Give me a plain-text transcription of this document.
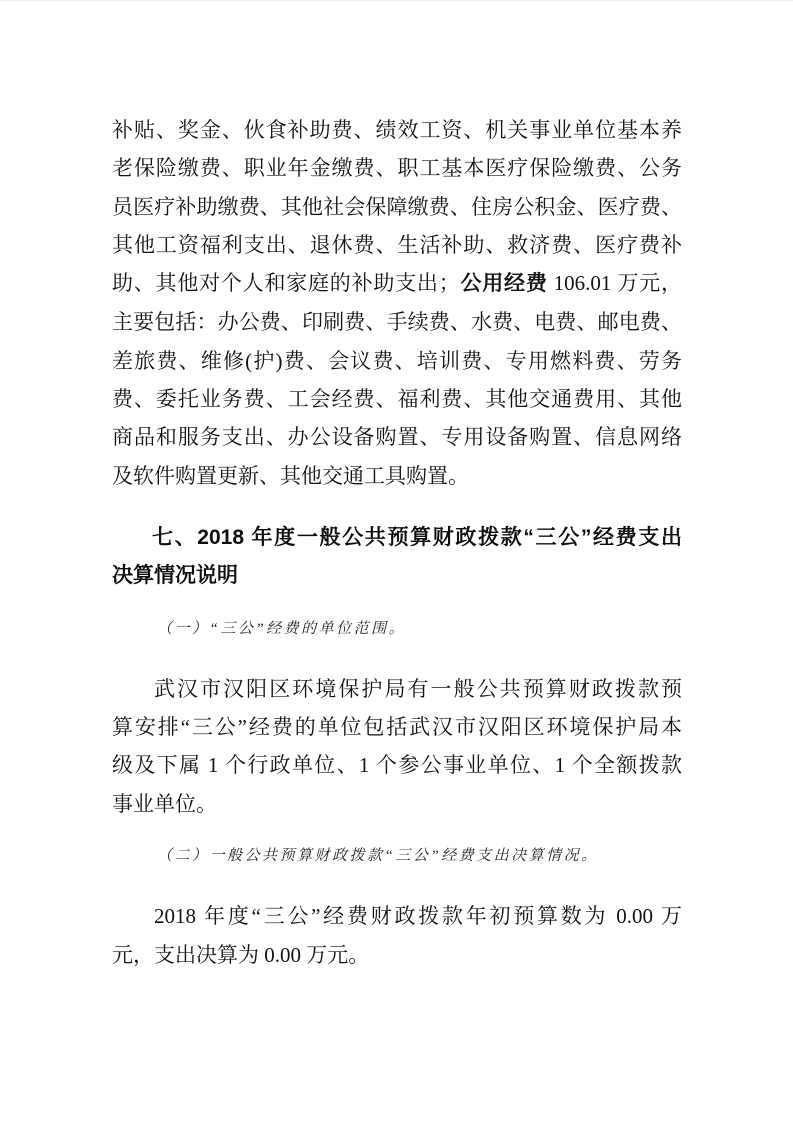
补贴、奖金、伙食补助费、绩效工资、机关事业单位基本养
老保险缴费、职业年金缴费、职工基本医疗保险缴费、公务
员医疗补助缴费、其他社会保障缴费、住房公积金、医疗费、
其他工资福利支出、退休费、生活补助、救济费、医疗费补
助、其他对个人和家庭的补助支出；公用经费 106.01 万元，
主要包括：办公费、印刷费、手续费、水费、电费、邮电费、
差旅费、维修(护)费、会议费、培训费、专用燃料费、劳务
费、委托业务费、工会经费、福利费、其他交通费用、其他
商品和服务支出、办公设备购置、专用设备购置、信息网络
及软件购置更新、其他交通工具购置。
七、2018 年度一般公共预算财政拨款“三公”经费支出
决算情况说明
（一）“三公”经费的单位范围。
武汉市汉阳区环境保护局有一般公共预算财政拨款预
算安排“三公”经费的单位包括武汉市汉阳区环境保护局本
级及下属 1 个行政单位、1 个参公事业单位、1 个全额拨款
事业单位。
（二）一般公共预算财政拨款“三公”经费支出决算情况。
2018 年度“三公”经费财政拨款年初预算数为 0.00 万
元，支出决算为 0.00 万元。
